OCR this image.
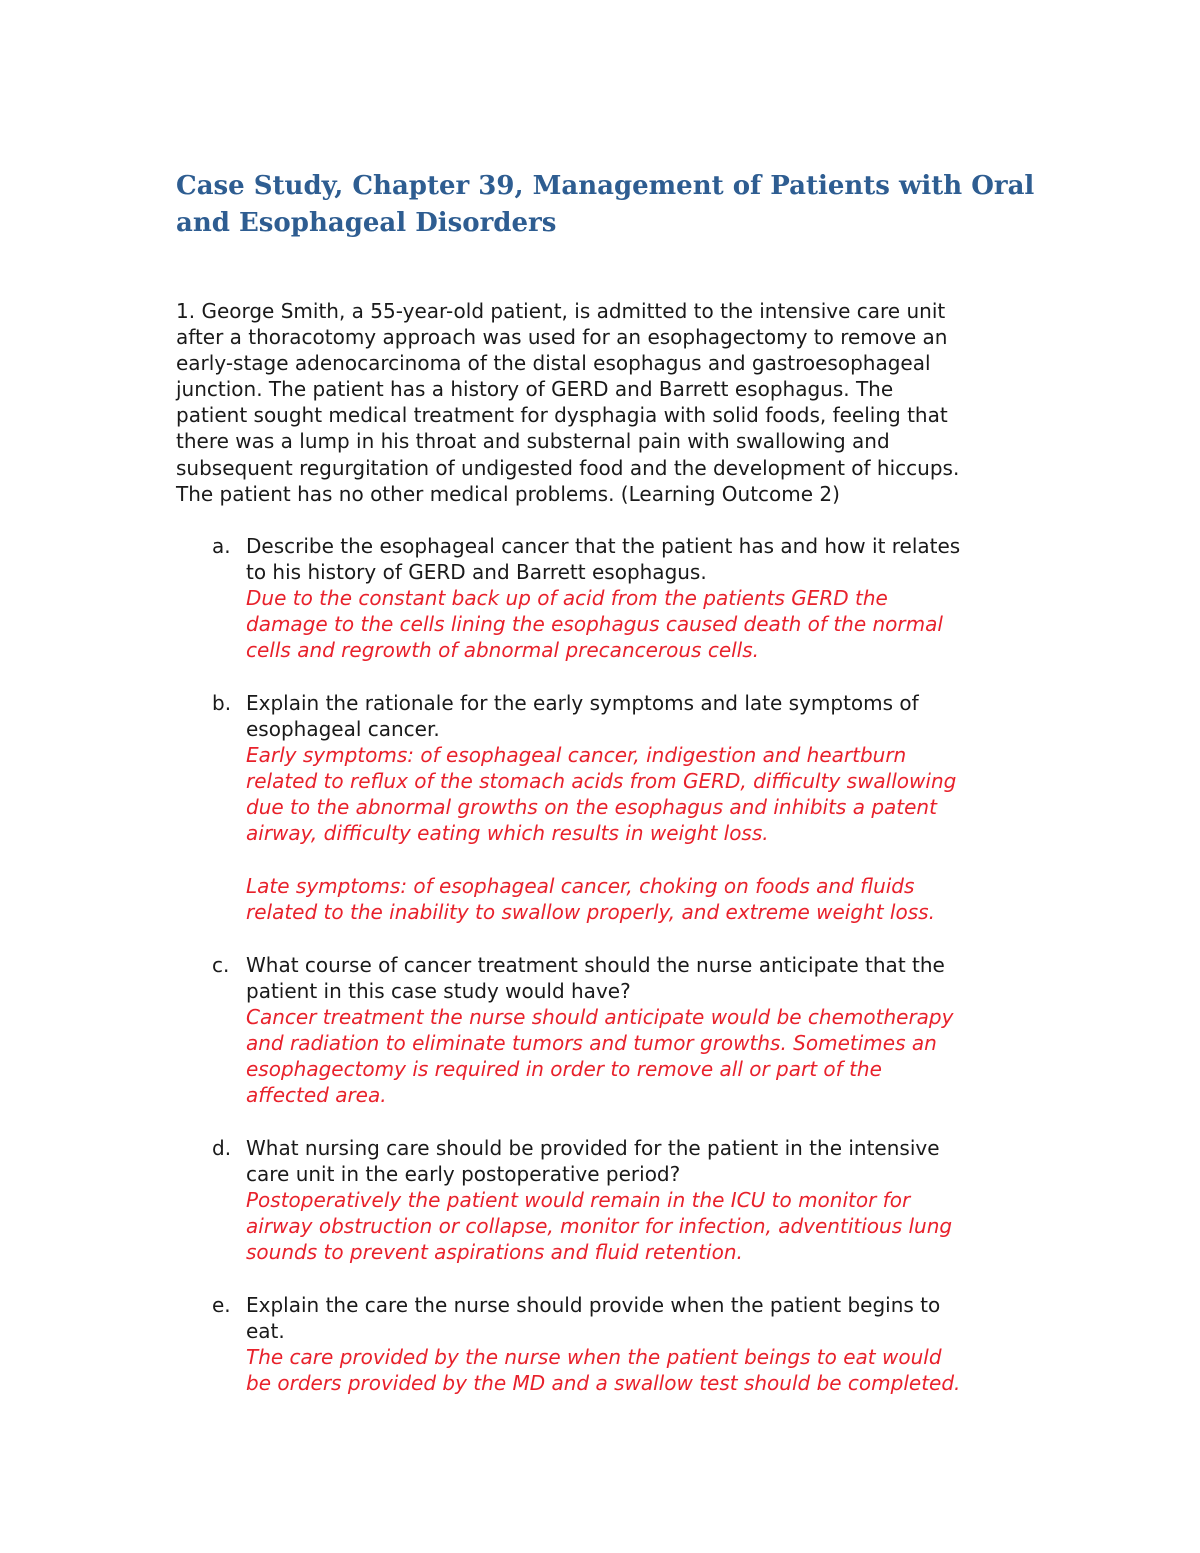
Case Study, Chapter 39, Management of Patients with Oral
and Esophageal Disorders

1. George Smith, a 55-year-old patient, is admitted to the intensive care unit
after a thoracotomy approach was used for an esophagectomy to remove an
early-stage adenocarcinoma of the distal esophagus and gastroesophageal
junction. The patient has a history of GERD and Barrett esophagus. The
patient sought medical treatment for dysphagia with solid foods, feeling that
there was a lump in his throat and substernal pain with swallowing and
subsequent regurgitation of undigested food and the development of hiccups.
The patient has no other medical problems. (Learning Outcome 2)

a. Describe the esophageal cancer that the patient has and how it relates
to his history of GERD and Barrett esophagus.
Due to the constant back up of acid from the patients GERD the
damage to the cells lining the esophagus caused death of the normal
cells and regrowth of abnormal precancerous cells.
b. Explain the rationale for the early symptoms and late symptoms of
esophageal cancer.
Early symptoms: of esophageal cancer, indigestion and heartburn
related to reflux of the stomach acids from GERD, difficulty swallowing
due to the abnormal growths on the esophagus and inhibits a patent
airway, difficulty eating which results in weight loss.
Late symptoms: of esophageal cancer, choking on foods and fluids
related to the inability to swallow properly, and extreme weight loss.
c. What course of cancer treatment should the nurse anticipate that the
patient in this case study would have?
Cancer treatment the nurse should anticipate would be chemotherapy
and radiation to eliminate tumors and tumor growths. Sometimes an
esophagectomy is required in order to remove all or part of the
affected area.
d. What nursing care should be provided for the patient in the intensive
care unit in the early postoperative period?
Postoperatively the patient would remain in the ICU to monitor for
airway obstruction or collapse, monitor for infection, adventitious lung
sounds to prevent aspirations and fluid retention.
e. Explain the care the nurse should provide when the patient begins to
eat.
The care provided by the nurse when the patient beings to eat would
be orders provided by the MD and a swallow test should be completed.
